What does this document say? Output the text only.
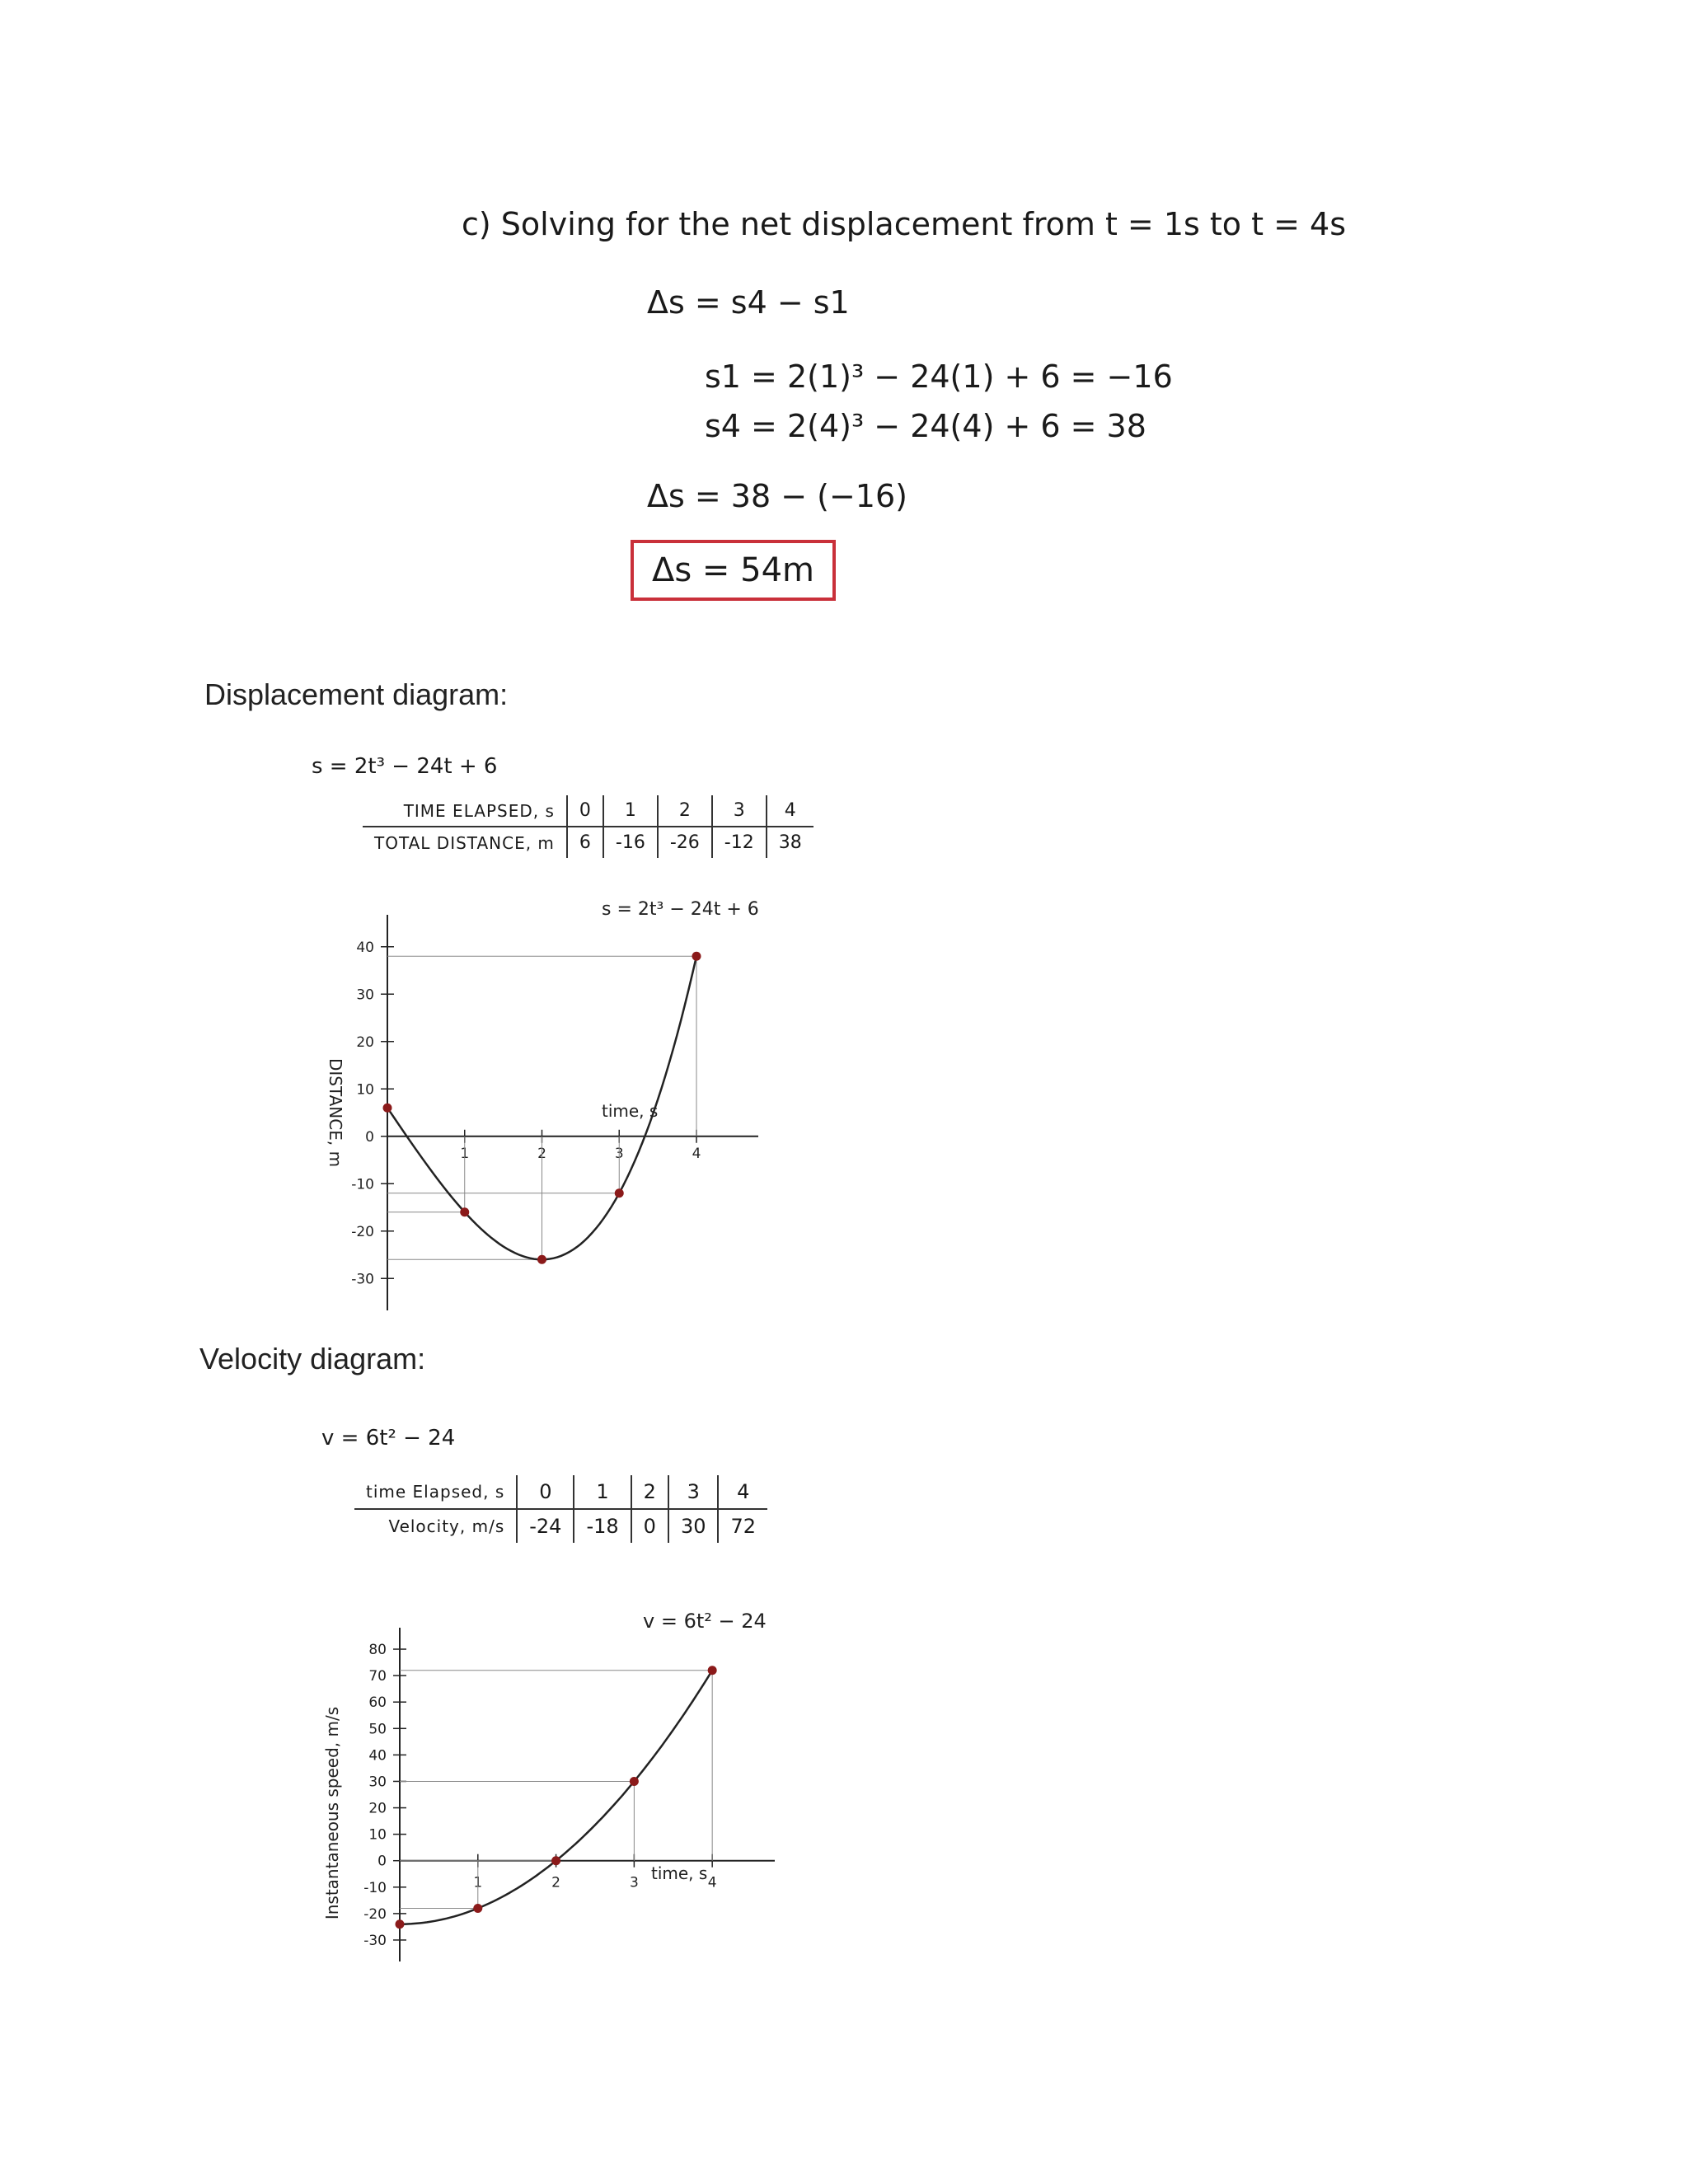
c) Solving for the net displacement from t = 1s to t = 4s
Δs = s4 − s1
s1 = 2(1)³ − 24(1) + 6 = −16
s4 = 2(4)³ − 24(4) + 6 = 38
Δs = 38 − (−16)
Δs = 54m
Displacement diagram:
s = 2t³ − 24t + 6
TIME ELAPSED, s	0	1	2	3	4
TOTAL DISTANCE, m	6	-16	-26	-12	38
DISTANCE, m	time, s
s = 2t³ − 24t + 6
40
30
20
10
0
-10
-20
-30
1	2	3	4
Velocity diagram:
v = 6t² − 24
time Elapsed, s	0	1	2	3	4
Velocity, m/s	-24	-18	0	30	72
Instantaneous speed, m/s	time, s
v = 6t² − 24
80
70
60
50
40
30
20
10
0
-10
-20
-30
1	2	3	4
